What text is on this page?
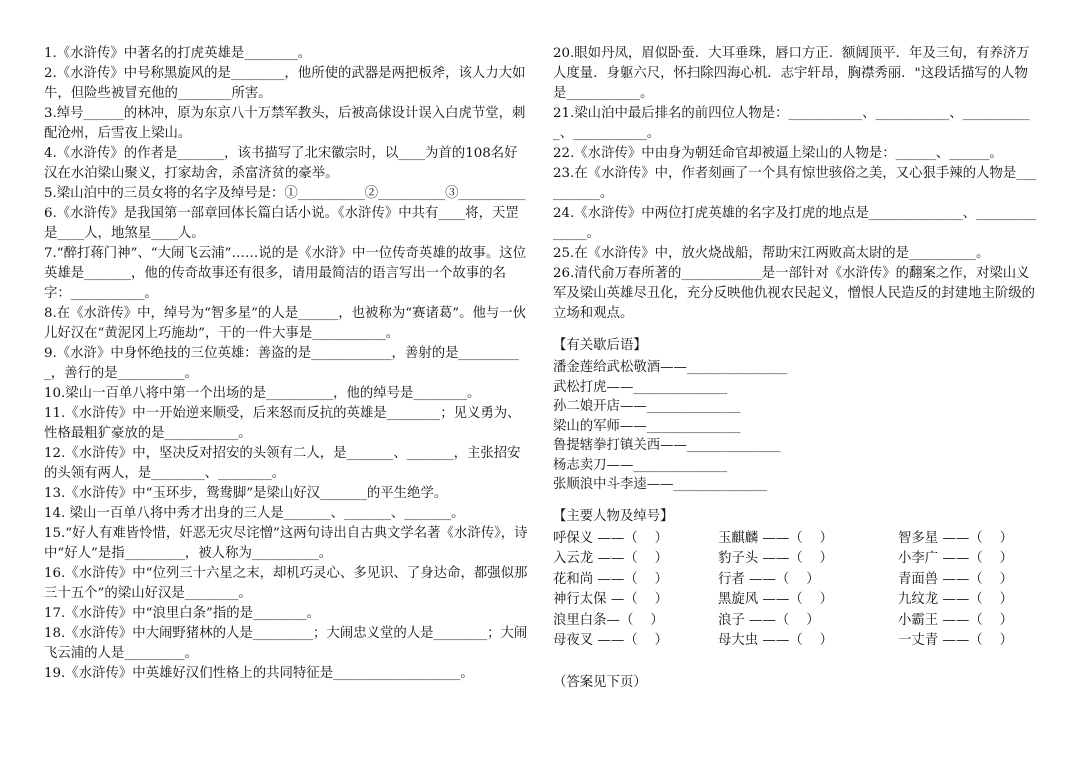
1.《水浒传》中著名的打虎英雄是________。

2.《水浒传》中号称黑旋风的是________，他所使的武器是两把板斧，该人力大如牛，但险些被冒充他的________所害。

3.绰号______的林冲，原为东京八十万禁军教头，后被高俅设计误入白虎节堂，刺配沧州，后雪夜上梁山。

4.《水浒传》的作者是_______，该书描写了北宋徽宗时，以____为首的108名好汉在水泊梁山聚义，打家劫舍，杀富济贫的豪举。

5.梁山泊中的三员女将的名字及绰号是：①__________②__________③__________

6.《水浒传》是我国第一部章回体长篇白话小说。《水浒传》中共有____将，天罡是____人，地煞星____人。

7.“醉打蒋门神”、“大闹飞云浦”……说的是《水浒》中一位传奇英雄的故事。这位英雄是_______，他的传奇故事还有很多，请用最简洁的语言写出一个故事的名字：___________。

8.在《水浒传》中，绰号为“智多星”的人是______，也被称为“赛诸葛”。他与一伙儿好汉在“黄泥冈上巧施劫”，干的一件大事是___________。

9.《水浒》中身怀绝技的三位英雄：善盗的是____________，善射的是__________，善行的是__________。

10.梁山一百单八将中第一个出场的是__________，他的绰号是________。

11.《水浒传》中一开始逆来顺受，后来怒而反抗的英雄是________；见义勇为、性格最粗犷豪放的是___________。

12.《水浒传》中，坚决反对招安的头领有二人，是_______、_______，主张招安的头领有两人，是________、________。

13.《水浒传》中“玉环步，鸳鸯脚”是梁山好汉_______的平生绝学。

14. 梁山一百单八将中秀才出身的三人是_______、_______、_______。

15.“好人有难皆怜惜，奸恶无灾尽诧憎”这两句诗出自古典文学名著《水浒传》，诗中“好人”是指_________，被人称为__________。

16.《水浒传》中“位列三十六星之末，却机巧灵心、多见识、了身达命，都强似那三十五个”的梁山好汉是________。

17.《水浒传》中“浪里白条”指的是________。

18.《水浒传》中大闹野猪林的人是_________；大闹忠义堂的人是________；大闹飞云浦的人是_________。

19.《水浒传》中英雄好汉们性格上的共同特征是___________________。

20.眼如丹凤，眉似卧蚕．大耳垂珠，唇口方正．额阔顶平．年及三旬，有养济万人度量．身躯六尺，怀扫除四海心机．志宇轩昂，胸襟秀丽．"这段话描写的人物是___________。

21.梁山泊中最后排名的前四位人物是：___________、___________、___________、___________。

22.《水浒传》中由身为朝廷命官却被逼上梁山的人物是：______、______。

23.在《水浒传》中，作者刻画了一个具有惊世骇俗之美，又心狠手辣的人物是__________。

24.《水浒传》中两位打虎英雄的名字及打虎的地点是______________、______________。

25.在《水浒传》中，放火烧战船，帮助宋江两败高太尉的是__________。

26.清代俞万春所著的____________是一部针对《水浒传》的翻案之作，对梁山义军及梁山英雄尽丑化，充分反映他仇视农民起义，憎恨人民造反的封建地主阶级的立场和观点。

【有关歇后语】

潘金莲给武松敬酒——_______________

武松打虎——______________

孙二娘开店——______________

梁山的军师——______________

鲁提辖拳打镇关西——______________

杨志卖刀——______________

张顺浪中斗李逵——______________

【主要人物及绰号】
呼保义 ——（    ）	玉麒麟 ——（    ）	智多星 ——（    ）
入云龙 ——（    ）	豹子头 ——（    ）	小李广 ——（    ）
花和尚 ——（    ）	行者 ——（    ）	青面兽 ——（    ）
神行太保 —（    ）	黑旋风 ——（    ）	九纹龙 ——（    ）
浪里白条—（    ）	浪子 ——（    ）	小霸王 ——（    ）
母夜叉 ——（    ）	母大虫 ——（    ）	一丈青 ——（    ）
（答案见下页）
